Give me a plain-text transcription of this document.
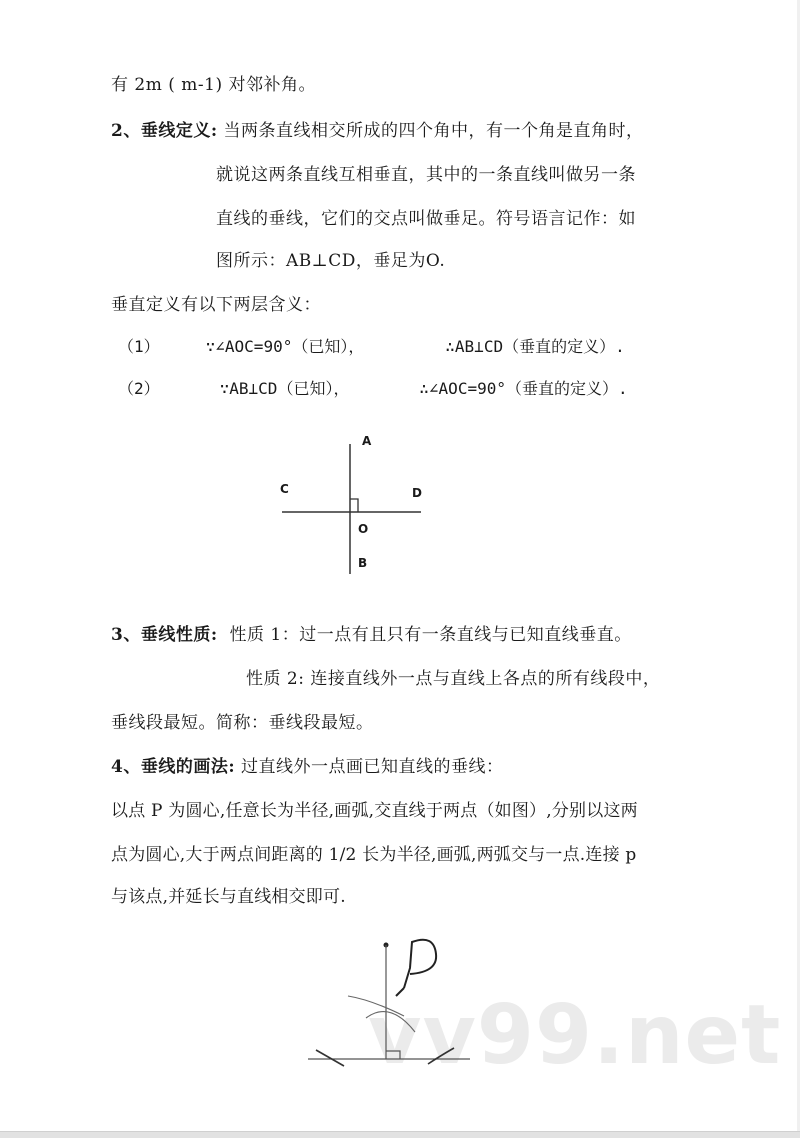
有 2m ( m-1) 对邻补角。
2、垂线定义: 当两条直线相交所成的四个角中，有一个角是直角时，
就说这两条直线互相垂直，其中的一条直线叫做另一条
直线的垂线，它们的交点叫做垂足。符号语言记作：如
图所示：AB⊥CD，垂足为O.
垂直定义有以下两层含义：
（1）	∵∠AOC=90°（已知），	∴AB⊥CD（垂直的定义）.
（2）	∵AB⊥CD（已知），	∴∠AOC=90°（垂直的定义）.
A
C	D
O
B
3、垂线性质: 性质 1：过一点有且只有一条直线与已知直线垂直。
性质 2: 连接直线外一点与直线上各点的所有线段中，
垂线段最短。简称：垂线段最短。
4、垂线的画法: 过直线外一点画已知直线的垂线：
以点 P 为圆心,任意长为半径,画弧,交直线于两点（如图）,分别以这两
点为圆心,大于两点间距离的 1/2 长为半径,画弧,两弧交与一点.连接 p
与该点,并延长与直线相交即可.
vv99.net
